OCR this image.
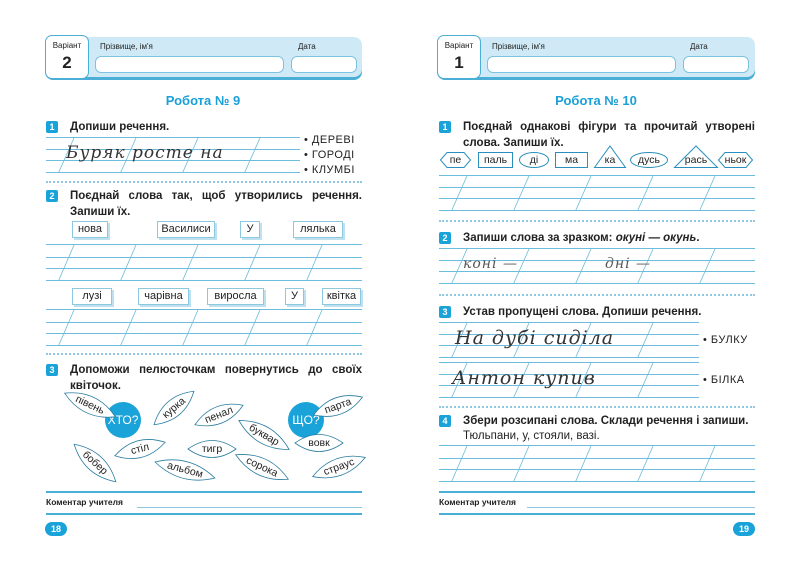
Варіант
2
Прізвище, ім'я	Дата
Робота № 9
1	Допиши речення.
Буряк росте на
• ДЕРЕВІ
• ГОРОДІ
• КЛУМБІ
2	Поєднай слова так, щоб утворились речення. Запиши їх.
нова	Василиси	У	лялька
лузі	чарівна	виросла	У	квітка
3	Допоможи пелюсточкам повернутись до своїх квіточок.
ХТО?	ЩО?
півень	курка	пенал
буквар
парта
вовк
стіл	тигр
бобер	альбом	сорока	страус
Коментар учителя
18
Варіант
1
Прізвище, ім'я	Дата
Робота № 10
1	Поєднай однакові фігури та прочитай утворені слова. Запиши їх.
пе	паль	ді	ма	ка	дусь	рась	ньок
2	Запиши слова за зразком: окуні — окунь.
коні —	дні —
3	Устав пропущені слова. Допиши речення.
На дубі сиділа
Антон купив
• БУЛКУ
• БІЛКА
4	Збери розсипані слова. Склади речення і запиши.
Тюльпани, у, стояли, вазі.
Коментар учителя
19
